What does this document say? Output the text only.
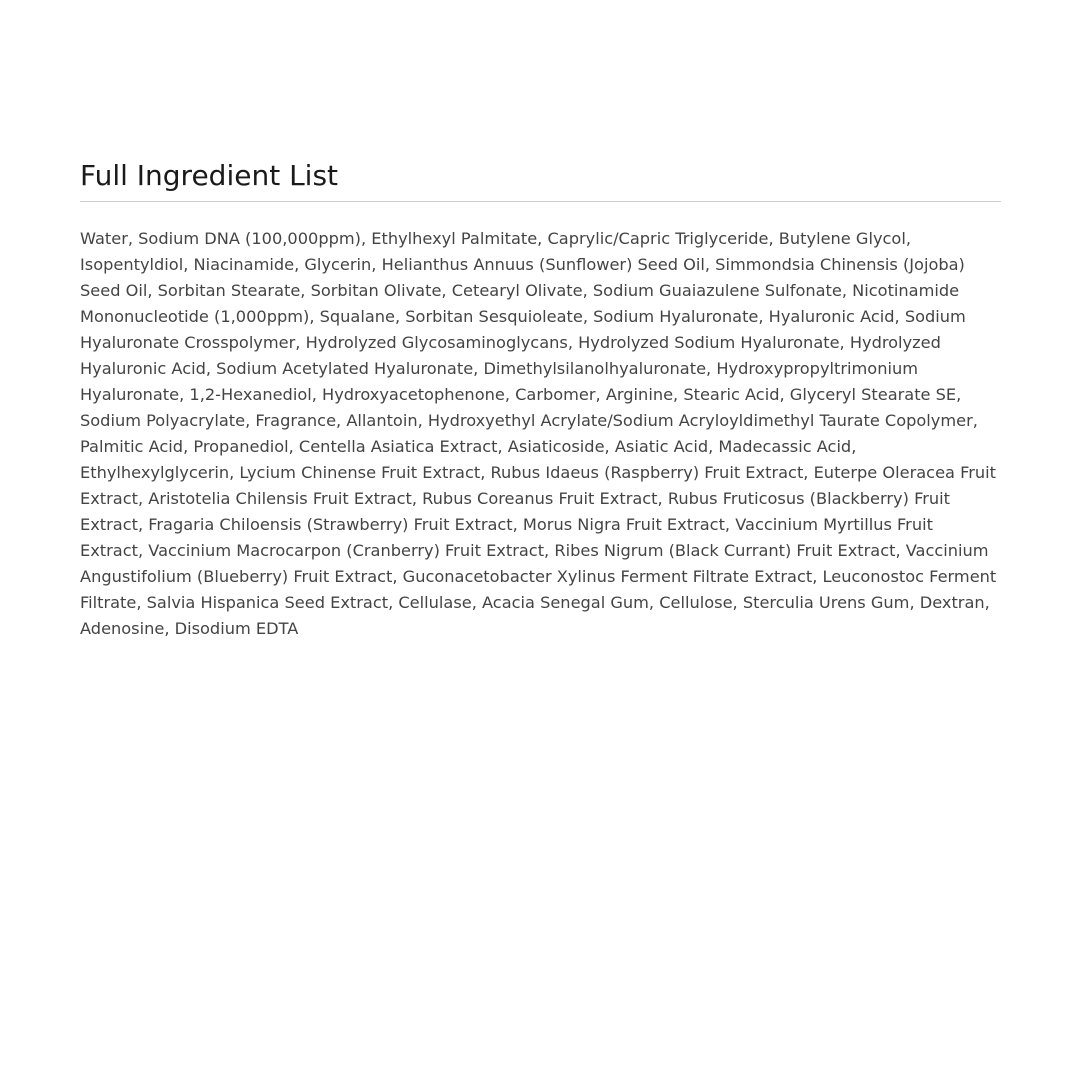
Full Ingredient List

Water, Sodium DNA (100,000ppm), Ethylhexyl Palmitate, Caprylic/Capric Triglyceride, Butylene Glycol, Isopentyldiol, Niacinamide, Glycerin, Helianthus Annuus (Sunflower) Seed Oil, Simmondsia Chinensis (Jojoba) Seed Oil, Sorbitan Stearate, Sorbitan Olivate, Cetearyl Olivate, Sodium Guaiazulene Sulfonate, Nicotinamide Mononucleotide (1,000ppm), Squalane, Sorbitan Sesquioleate, Sodium Hyaluronate, Hyaluronic Acid, Sodium Hyaluronate Crosspolymer, Hydrolyzed Glycosaminoglycans, Hydrolyzed Sodium Hyaluronate, Hydrolyzed Hyaluronic Acid, Sodium Acetylated Hyaluronate, Dimethylsilanolhyaluronate, Hydroxypropyltrimonium Hyaluronate, 1,2-Hexanediol, Hydroxyacetophenone, Carbomer, Arginine, Stearic Acid, Glyceryl Stearate SE, Sodium Polyacrylate, Fragrance, Allantoin, Hydroxyethyl Acrylate/Sodium Acryloyldimethyl Taurate Copolymer, Palmitic Acid, Propanediol, Centella Asiatica Extract, Asiaticoside, Asiatic Acid, Madecassic Acid, Ethylhexylglycerin, Lycium Chinense Fruit Extract, Rubus Idaeus (Raspberry) Fruit Extract, Euterpe Oleracea Fruit Extract, Aristotelia Chilensis Fruit Extract, Rubus Coreanus Fruit Extract, Rubus Fruticosus (Blackberry) Fruit Extract, Fragaria Chiloensis (Strawberry) Fruit Extract, Morus Nigra Fruit Extract, Vaccinium Myrtillus Fruit Extract, Vaccinium Macrocarpon (Cranberry) Fruit Extract, Ribes Nigrum (Black Currant) Fruit Extract, Vaccinium Angustifolium (Blueberry) Fruit Extract, Guconacetobacter Xylinus Ferment Filtrate Extract, Leuconostoc Ferment Filtrate, Salvia Hispanica Seed Extract, Cellulase, Acacia Senegal Gum, Cellulose, Sterculia Urens Gum, Dextran, Adenosine, Disodium EDTA
